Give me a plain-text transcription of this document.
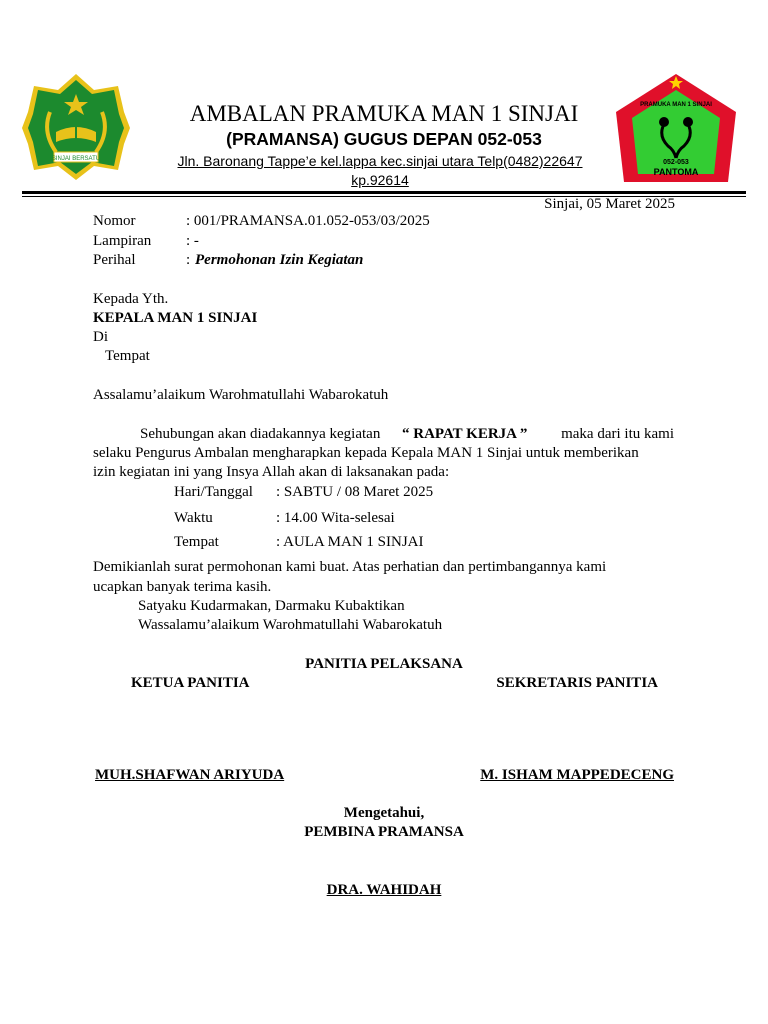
SINJAI BERSATU
PRAMUKA MAN 1 SINJAI
052-053
PANTOMA
AMBALAN PRAMUKA MAN 1 SINJAI
(PRAMANSA) GUGUS DEPAN 052-053
Jln. Baronang Tappe’e kel.lappa kec.sinjai utara Telp(0482)22647
kp.92614
Sinjai, 05 Maret 2025
Nomor	: 001/PRAMANSA.01.052-053/03/2025
Lampiran : -
Perihal	: Permohonan Izin Kegiatan
Kepada Yth.
KEPALA MAN 1 SINJAI
Di
Tempat
Assalamu’alaikum Warohmatullahi Wabarokatuh
Sehubungan akan diadakannya kegiatan “ RAPAT KERJA ” maka dari itu kami
selaku Pengurus Ambalan mengharapkan kepada Kepala MAN 1 Sinjai untuk memberikan
izin kegiatan ini yang Insya Allah akan di laksanakan pada:
Hari/Tanggal : SABTU / 08 Maret 2025
Waktu	: 14.00 Wita-selesai
Tempat	: AULA MAN 1 SINJAI
Demikianlah surat permohonan kami buat. Atas perhatian dan pertimbangannya kami
ucapkan banyak terima kasih.
Satyaku Kudarmakan, Darmaku Kubaktikan
Wassalamu’alaikum Warohmatullahi Wabarokatuh
PANITIA PELAKSANA
KETUA PANITIA	SEKRETARIS PANITIA
MUH.SHAFWAN ARIYUDA	M. ISHAM MAPPEDECENG
Mengetahui,
PEMBINA PRAMANSA
DRA. WAHIDAH
